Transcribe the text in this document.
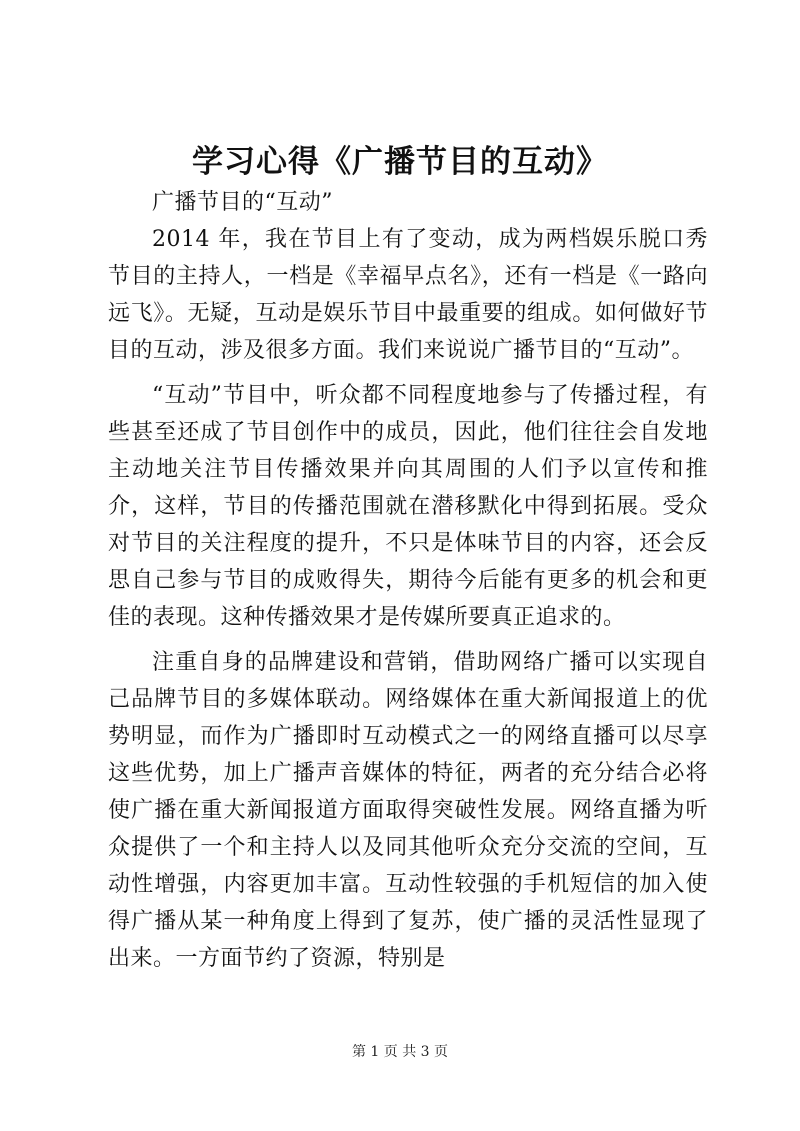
学习心得《广播节目的互动》

广播节目的“互动”

2014 年，我在节目上有了变动，成为两档娱乐脱口秀节目的主持人，一档是《幸福早点名》，还有一档是《一路向远飞》。无疑，互动是娱乐节目中最重要的组成。如何做好节目的互动，涉及很多方面。我们来说说广播节目的“互动”。

“互动”节目中，听众都不同程度地参与了传播过程，有些甚至还成了节目创作中的成员，因此，他们往往会自发地主动地关注节目传播效果并向其周围的人们予以宣传和推介，这样，节目的传播范围就在潜移默化中得到拓展。受众对节目的关注程度的提升，不只是体味节目的内容，还会反思自己参与节目的成败得失，期待今后能有更多的机会和更佳的表现。这种传播效果才是传媒所要真正追求的。

注重自身的品牌建设和营销，借助网络广播可以实现自己品牌节目的多媒体联动。网络媒体在重大新闻报道上的优势明显，而作为广播即时互动模式之一的网络直播可以尽享这些优势，加上广播声音媒体的特征，两者的充分结合必将使广播在重大新闻报道方面取得突破性发展。网络直播为听众提供了一个和主持人以及同其他听众充分交流的空间，互动性增强，内容更加丰富。互动性较强的手机短信的加入使得广播从某一种角度上得到了复苏，使广播的灵活性显现了出来。一方面节约了资源，特别是

第 1 页 共 3 页
